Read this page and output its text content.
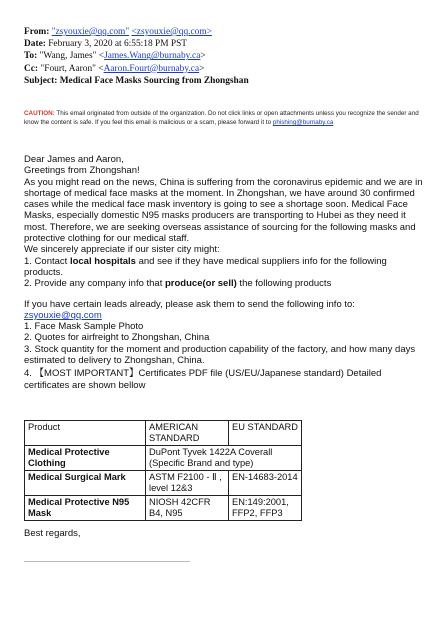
From: "zsyouxie@qq.com" <zsyouxie@qq.com>
Date: February 3, 2020 at 6:55:18 PM PST
To: "Wang, James" <James.Wang@burnaby.ca>
Cc: "Fourt, Aaron" <Aaron.Fourt@burnaby.ca>
Subject: Medical Face Masks Sourcing from Zhongshan
CAUTION: This email originated from outside of the organization. Do not click links or open attachments unless you recognize the sender and know the content is safe. If you feel this email is malicious or a scam, please forward it to phishing@burnaby.ca

Dear James and Aaron,

Greetings from Zhongshan!

As you might read on the news, China is suffering from the coronavirus epidemic and we are in shortage of medical face masks at the moment. In Zhongshan, we have around 30 confirmed cases while the medical face mask inventory is going to see a shortage soon. Medical Face Masks, especially domestic N95 masks producers are transporting to Hubei as they need it most. Therefore, we are seeking overseas assistance of sourcing for the following masks and protective clothing for our medical staff.

We sincerely appreciate if our sister city might:

1. Contact local hospitals and see if they have medical suppliers info for the following products.

2. Provide any company info that produce(or sell) the following products

If you have certain leads already, please ask them to send the following info to:

zsyouxie@qq.com

1. Face Mask Sample Photo

2. Quotes for airfreight to Zhongshan, China

3. Stock quantity for the moment and production capability of the factory, and how many days estimated to delivery to Zhongshan, China.

4. 【MOST IMPORTANT】Certificates PDF file (US/EU/Japanese standard) Detailed certificates are shown bellow

Product	AMERICAN STANDARD	EU STANDARD
Medical Protective Clothing	DuPont Tyvek 1422A Coverall (Specific Brand and type)	
Medical Surgical Mark	ASTM F2100 - Ⅱ , level 12&3	EN-14683-2014
Medical Protective N95 Mask	NIOSH 42CFR B4, N95	EN:149:2001, FFP2, FFP3
Best regards,
